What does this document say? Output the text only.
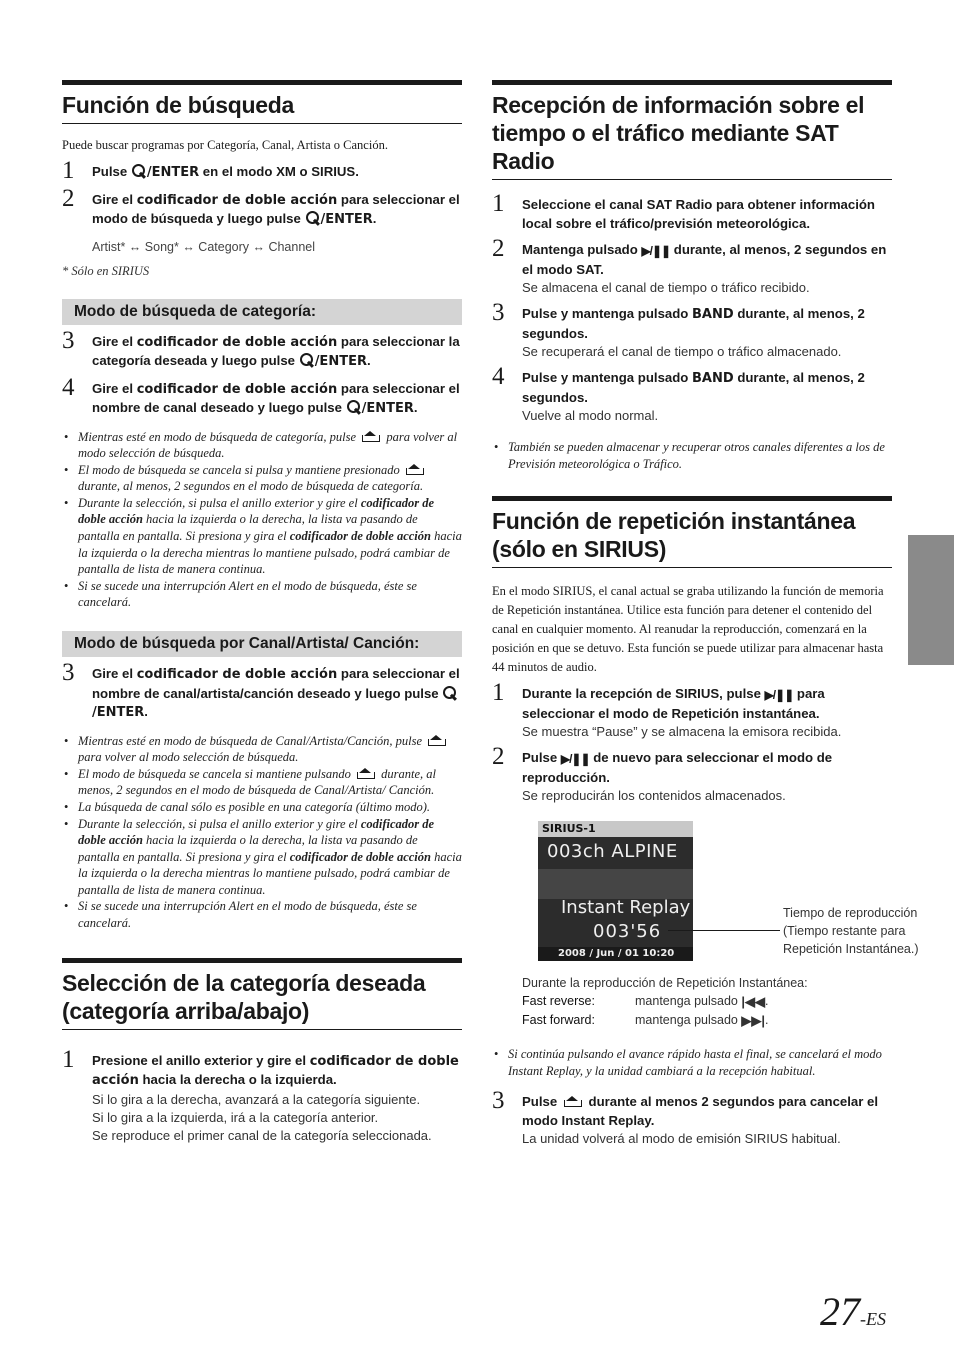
Función de búsqueda

Puede buscar programas por Categoría, Canal, Artista o Canción.

1 Pulse /ENTER en el modo XM o SIRIUS.
2 Gire el codificador de doble acción para seleccionar el modo de búsqueda y luego pulse /ENTER.
Artist* ↔ Song* ↔ Category ↔ Channel
* Sólo en SIRIUS
Modo de búsqueda de categoría:
3 Gire el codificador de doble acción para seleccionar la categoría deseada y luego pulse /ENTER.
4 Gire el codificador de doble acción para seleccionar el nombre de canal deseado y luego pulse /ENTER.
• Mientras esté en modo de búsqueda de categoría, pulse  para volver al modo selección de búsqueda.
• El modo de búsqueda se cancela si pulsa y mantiene presionado  durante, al menos, 2 segundos en el modo de búsqueda de categoría.
• Durante la selección, si pulsa el anillo exterior y gire el codificador de doble acción hacia la izquierda o la derecha, la lista va pasando de pantalla en pantalla. Si presiona y gira el codificador de doble acción hacia la izquierda o la derecha mientras lo mantiene pulsado, podrá cambiar de pantalla de lista de manera continua.
• Si se sucede una interrupción Alert en el modo de búsqueda, éste se cancelará.
Modo de búsqueda por Canal/Artista/ Canción:
3 Gire el codificador de doble acción para seleccionar el nombre de canal/artista/canción deseado y luego pulse /ENTER.
• Mientras esté en modo de búsqueda de Canal/Artista/Canción, pulse  para volver al modo selección de búsqueda.
• El modo de búsqueda se cancela si mantiene pulsando  durante, al menos, 2 segundos en el modo de búsqueda de Canal/Artista/ Canción.
• La búsqueda de canal sólo es posible en una categoría (último modo).
• Durante la selección, si pulsa el anillo exterior y gire el codificador de doble acción hacia la izquierda o la derecha, la lista va pasando de pantalla en pantalla. Si presiona y gira el codificador de doble acción hacia la izquierda o la derecha mientras lo mantiene pulsado, podrá cambiar de pantalla de lista de manera continua.
• Si se sucede una interrupción Alert en el modo de búsqueda, éste se cancelará.
Selección de la categoría deseada (categoría arriba/abajo)
1 Presione el anillo exterior y gire el codificador de doble acción hacia la derecha o la izquierda.
Si lo gira a la derecha, avanzará a la categoría siguiente.
Si lo gira a la izquierda, irá a la categoría anterior.
Se reproduce el primer canal de la categoría seleccionada.
Recepción de información sobre el tiempo o el tráfico mediante SAT Radio
1 Seleccione el canal SAT Radio para obtener información local sobre el tráfico/previsión meteorológica.
2 Mantenga pulsado ▶/❚❚ durante, al menos, 2 segundos en el modo SAT.
Se almacena el canal de tiempo o tráfico recibido.
3 Pulse y mantenga pulsado BAND durante, al menos, 2 segundos.
Se recuperará el canal de tiempo o tráfico almacenado.
4 Pulse y mantenga pulsado BAND durante, al menos, 2 segundos.
Vuelve al modo normal.
• También se pueden almacenar y recuperar otros canales diferentes a los de Previsión meteorológica o Tráfico.
Función de repetición instantánea (sólo en SIRIUS)

En el modo SIRIUS, el canal actual se graba utilizando la función de memoria de Repetición instantánea. Utilice esta función para detener el contenido del canal en cualquier momento. Al reanudar la reproducción, comenzará en la posición en que se detuvo. Esta función se puede utilizar para almacenar hasta 44 minutos de audio.

1 Durante la recepción de SIRIUS, pulse ▶/❚❚ para seleccionar el modo de Repetición instantánea.
Se muestra “Pause” y se almacena la emisora recibida.
2 Pulse ▶/❚❚ de nuevo para seleccionar el modo de reproducción.
Se reproducirán los contenidos almacenados.
SIRIUS-1
003ch ALPINE
Instant Replay
003'56
2008 / Jun / 01 10:20
Tiempo de reproducción (Tiempo restante para Repetición Instantánea.)
Durante la reproducción de Repetición Instantánea:
Fast reverse:	mantenga pulsado |◀◀.
Fast forward:	mantenga pulsado ▶▶|.
• Si continúa pulsando el avance rápido hasta el final, se cancelará el modo Instant Replay, y la unidad cambiará a la recepción habitual.
3 Pulse  durante al menos 2 segundos para cancelar el modo Instant Replay.
La unidad volverá al modo de emisión SIRIUS habitual.
27-ES
